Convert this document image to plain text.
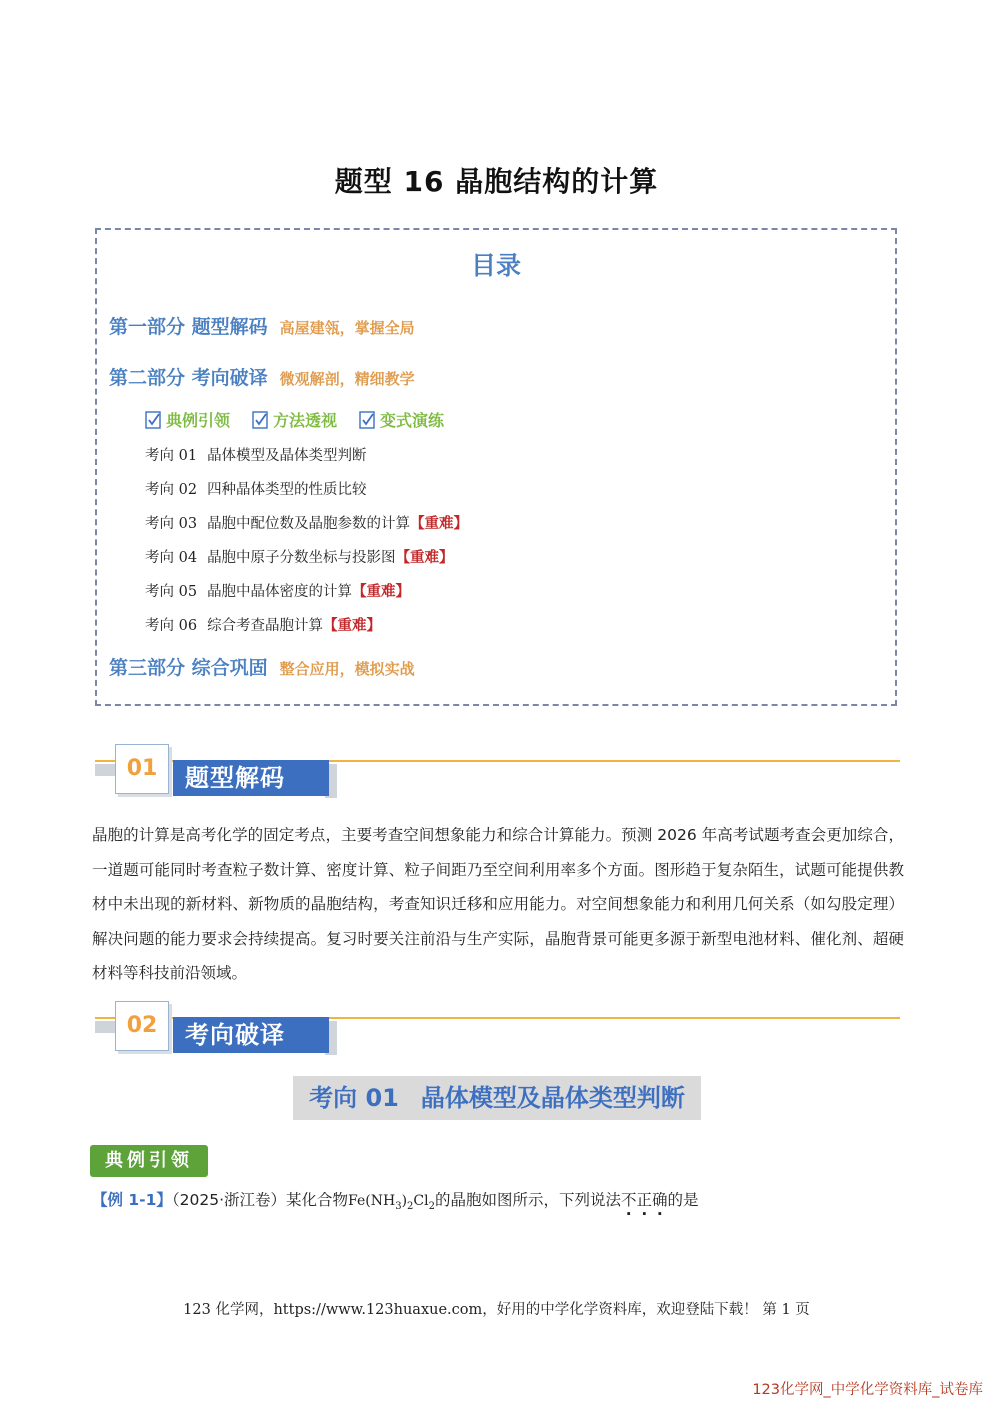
题型 16 晶胞结构的计算
目录
第一部分 题型解码 高屋建瓴，掌握全局
第二部分 考向破译 微观解剖，精细教学
典例引领	方法透视	变式演练
考向 01 晶体模型及晶体类型判断
考向 02 四种晶体类型的性质比较
考向 03 晶胞中配位数及晶胞参数的计算【重难】
考向 04 晶胞中原子分数坐标与投影图【重难】
考向 05 晶胞中晶体密度的计算【重难】
考向 06 综合考查晶胞计算【重难】
第三部分 综合巩固 整合应用，模拟实战
题型解码
01
晶胞的计算是高考化学的固定考点，主要考查空间想象能力和综合计算能力。预测 2026 年高考试题考查会更加综合，一道题可能同时考查粒子数计算、密度计算、粒子间距乃至空间利用率多个方面。图形趋于复杂陌生，试题可能提供教材中未出现的新材料、新物质的晶胞结构，考查知识迁移和应用能力。对空间想象能力和利用几何关系（如勾股定理）解决问题的能力要求会持续提高。复习时要关注前沿与生产实际，晶胞背景可能更多源于新型电池材料、催化剂、超硬材料等科技前沿领域。
考向破译
02
考向 01 晶体模型及晶体类型判断
典例引领
【例 1-1】（2025·浙江卷）某化合物$Fe(NH_3)_2Cl_2$的晶胞如图所示，下列说法不正确的是
123 化学网，https://www.123huaxue.com，好用的中学化学资料库，欢迎登陆下载！ 第 1 页
123化学网_中学化学资料库_试卷库
